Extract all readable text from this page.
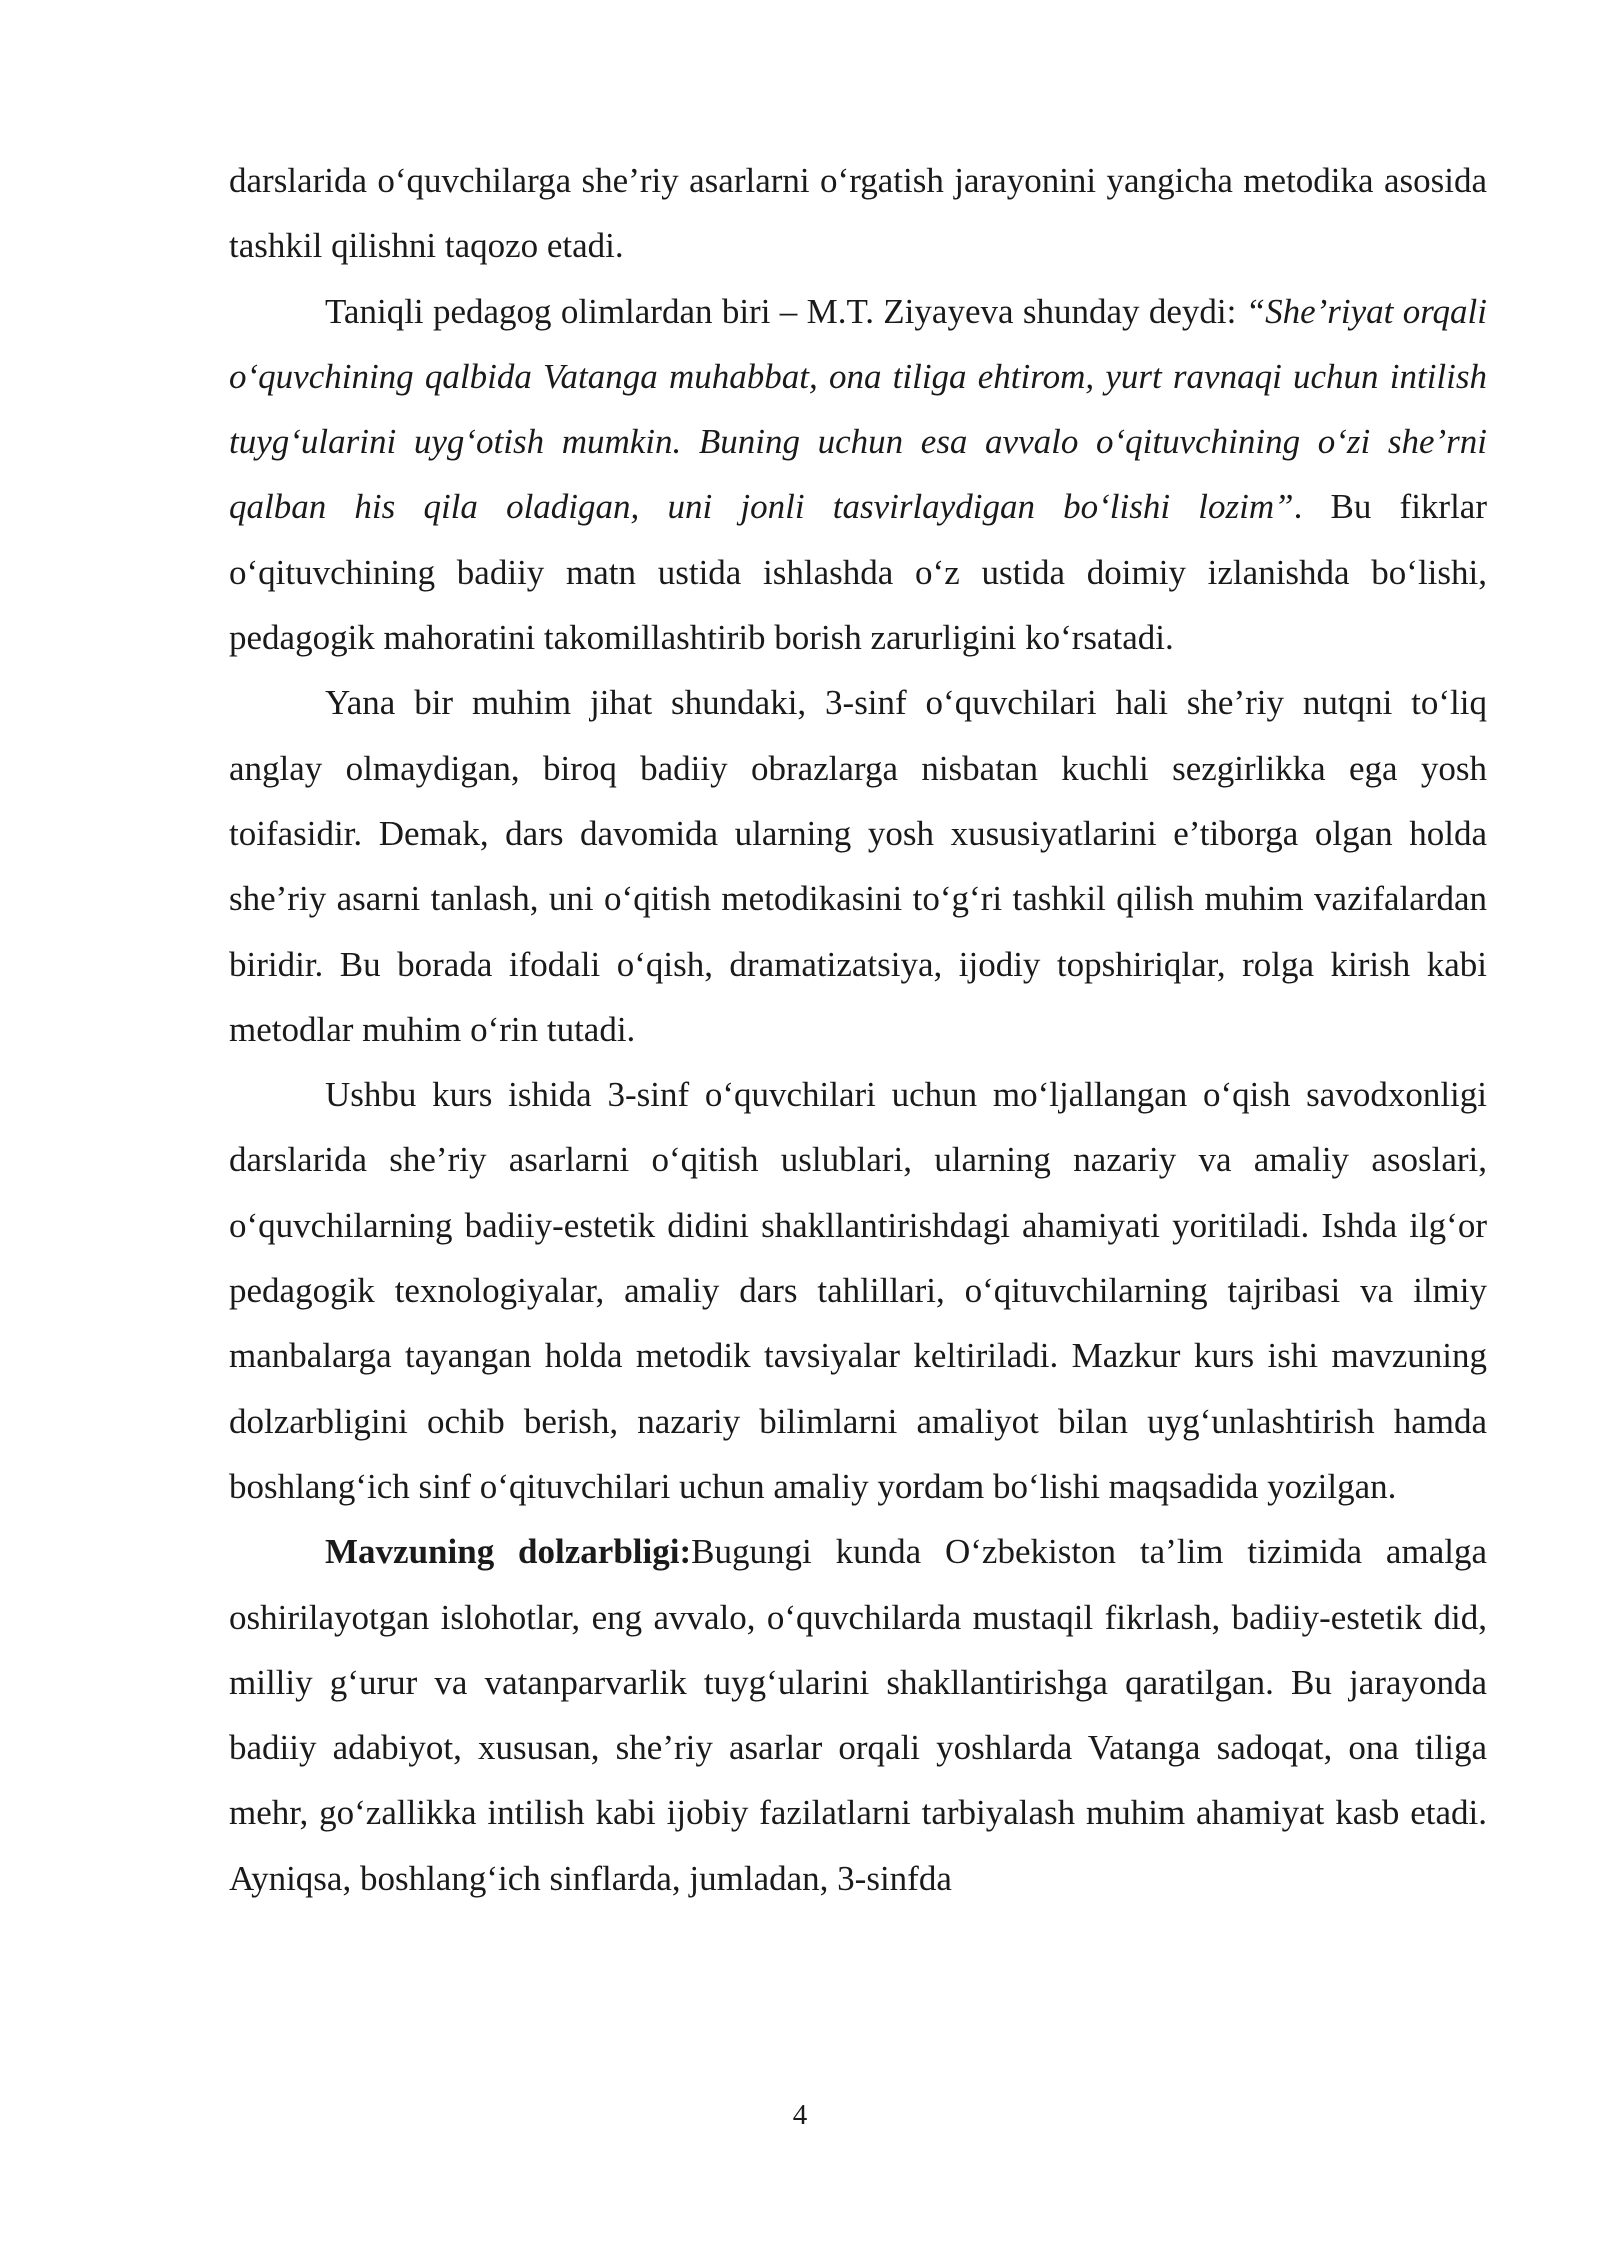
darslarida o‘quvchilarga she’riy asarlarni o‘rgatish jarayonini yangicha metodika asosida tashkil qilishni taqozo etadi.

Taniqli pedagog olimlardan biri – M.T. Ziyayeva shunday deydi: “She’riyat orqali o‘quvchining qalbida Vatanga muhabbat, ona tiliga ehtirom, yurt ravnaqi uchun intilish tuyg‘ularini uyg‘otish mumkin. Buning uchun esa avvalo o‘qituvchining o‘zi she’rni qalban his qila oladigan, uni jonli tasvirlaydigan bo‘lishi lozim”. Bu fikrlar o‘qituvchining badiiy matn ustida ishlashda o‘z ustida doimiy izlanishda bo‘lishi, pedagogik mahoratini takomillashtirib borish zarurligini ko‘rsatadi.

Yana bir muhim jihat shundaki, 3-sinf o‘quvchilari hali she’riy nutqni to‘liq anglay olmaydigan, biroq badiiy obrazlarga nisbatan kuchli sezgirlikka ega yosh toifasidir. Demak, dars davomida ularning yosh xususiyatlarini e’tiborga olgan holda she’riy asarni tanlash, uni o‘qitish metodikasini to‘g‘ri tashkil qilish muhim vazifalardan biridir. Bu borada ifodali o‘qish, dramatizatsiya, ijodiy topshiriqlar, rolga kirish kabi metodlar muhim o‘rin tutadi.

Ushbu kurs ishida 3-sinf o‘quvchilari uchun mo‘ljallangan o‘qish savodxonligi darslarida she’riy asarlarni o‘qitish uslublari, ularning nazariy va amaliy asoslari, o‘quvchilarning badiiy-estetik didini shakllantirishdagi ahamiyati yoritiladi. Ishda ilg‘or pedagogik texnologiyalar, amaliy dars tahlillari, o‘qituvchilarning tajribasi va ilmiy manbalarga tayangan holda metodik tavsiyalar keltiriladi. Mazkur kurs ishi mavzuning dolzarbligini ochib berish, nazariy bilimlarni amaliyot bilan uyg‘unlashtirish hamda boshlang‘ich sinf o‘qituvchilari uchun amaliy yordam bo‘lishi maqsadida yozilgan.

Mavzuning dolzarbligi:Bugungi kunda O‘zbekiston ta’lim tizimida amalga oshirilayotgan islohotlar, eng avvalo, o‘quvchilarda mustaqil fikrlash, badiiy-estetik did, milliy g‘urur va vatanparvarlik tuyg‘ularini shakllantirishga qaratilgan. Bu jarayonda badiiy adabiyot, xususan, she’riy asarlar orqali yoshlarda Vatanga sadoqat, ona tiliga mehr, go‘zallikka intilish kabi ijobiy fazilatlarni tarbiyalash muhim ahamiyat kasb etadi. Ayniqsa, boshlang‘ich sinflarda, jumladan, 3-sinfda

4
